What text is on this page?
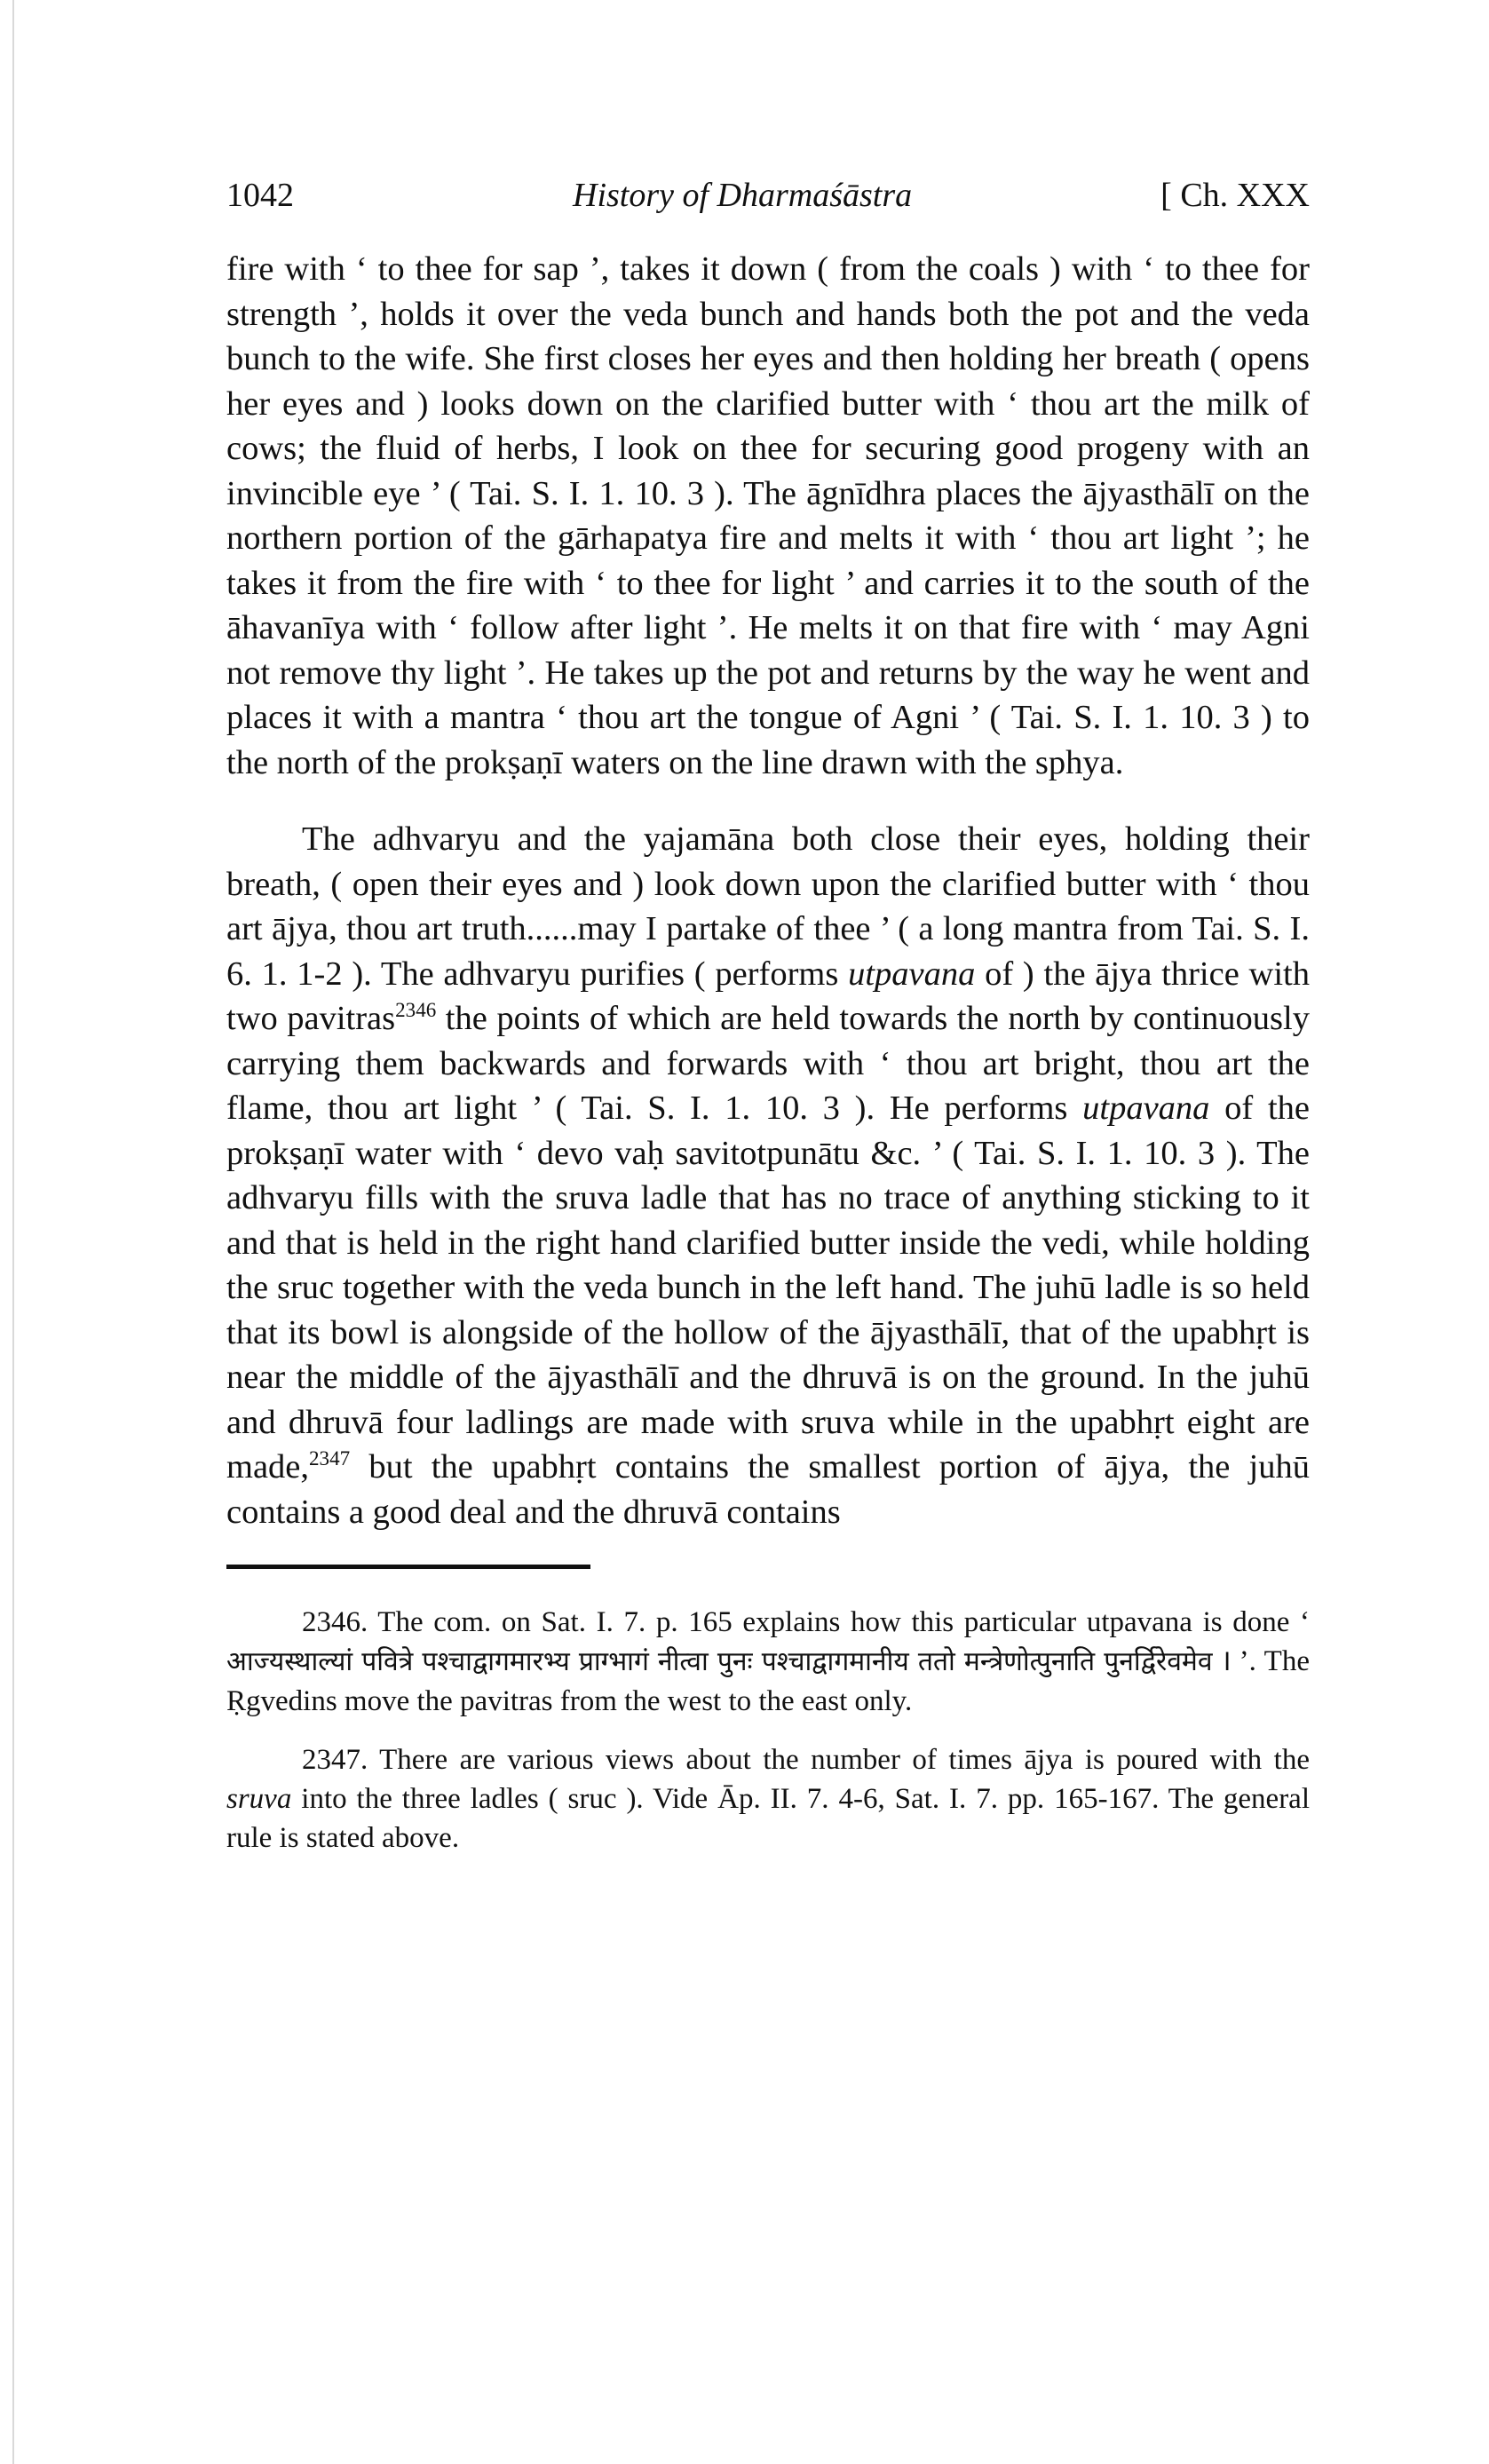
1042	History of Dharmaśāstra	[ Ch. XXX

fire with ‘ to thee for sap ’, takes it down ( from the coals ) with ‘ to thee for strength ’, holds it over the veda bunch and hands both the pot and the veda bunch to the wife. She first closes her eyes and then holding her breath ( opens her eyes and ) looks down on the clarified butter with ‘ thou art the milk of cows; the fluid of herbs, I look on thee for securing good progeny with an invincible eye ’ ( Tai. S. I. 1. 10. 3 ). The āgnīdhra places the ājyasthālī on the northern portion of the gārhapatya fire and melts it with ‘ thou art light ’; he takes it from the fire with ‘ to thee for light ’ and carries it to the south of the āhavanīya with ‘ follow after light ’. He melts it on that fire with ‘ may Agni not remove thy light ’. He takes up the pot and returns by the way he went and places it with a mantra ‘ thou art the tongue of Agni ’ ( Tai. S. I. 1. 10. 3 ) to the north of the prokṣaṇī waters on the line drawn with the sphya.

The adhvaryu and the yajamāna both close their eyes, holding their breath, ( open their eyes and ) look down upon the clarified butter with ‘ thou art ājya, thou art truth......may I partake of thee ’ ( a long mantra from Tai. S. I. 6. 1. 1-2 ). The adhvaryu purifies ( performs utpavana of ) the ājya thrice with two pavitras$^{2346}$ the points of which are held towards the north by continuously carrying them backwards and forwards with ‘ thou art bright, thou art the flame, thou art light ’ ( Tai. S. I. 1. 10. 3 ). He performs utpavana of the prokṣaṇī water with ‘ devo vaḥ savitotpunātu &c. ’ ( Tai. S. I. 1. 10. 3 ). The adhvaryu fills with the sruva ladle that has no trace of anything sticking to it and that is held in the right hand clarified butter inside the vedi, while holding the sruc together with the veda bunch in the left hand. The juhū ladle is so held that its bowl is alongside of the hollow of the ājyasthālī, that of the upabhṛt is near the middle of the ājyasthālī and the dhruvā is on the ground. In the juhū and dhruvā four ladlings are made with sruva while in the upabhṛt eight are made,$^{2347}$ but the upabhṛt contains the smallest portion of ājya, the juhū contains a good deal and the dhruvā contains

2346. The com. on Sat. I. 7. p. 165 explains how this particular utpavana is done ‘ आज्यस्थाल्यां पवित्रे पश्चाद्वागमारभ्य प्राग्भागं नीत्वा पुनः पश्चाद्वागमानीय ततो मन्त्रेणोत्पुनाति पुनर्द्विरेवमेव । ’. The Ṛgvedins move the pavitras from the west to the east only.

2347. There are various views about the number of times ājya is poured with the sruva into the three ladles ( sruc ). Vide Āp. II. 7. 4-6, Sat. I. 7. pp. 165-167. The general rule is stated above.
